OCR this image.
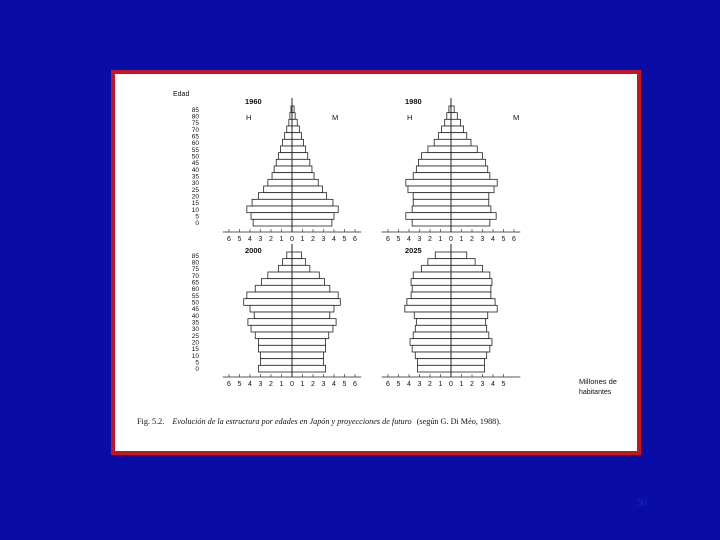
85
80
75
70
65
60
55
50
45
40
35
30
25
20
15
10
5
0
6 5 4 3 2 1 0 1 2 3 4 5 6
1960
H	M
6 5 4 3 2 1 0 1 2 3 4 5 6
1980
H	M
85
80
75
70
65
60
55
50
45
40
35
30
25
20
15
10
5
0
6 5 4 3 2 1 0 1 2 3 4 5 6
2000
6 5 4 3 2 1 0 1 2 3 4 5
2025
Edad
Millones de
habitantes
Fig. 5.2. Evolución de la estructura por edades en Japón y proyecciones de futuro (según G. Di Méo, 1988).
30
